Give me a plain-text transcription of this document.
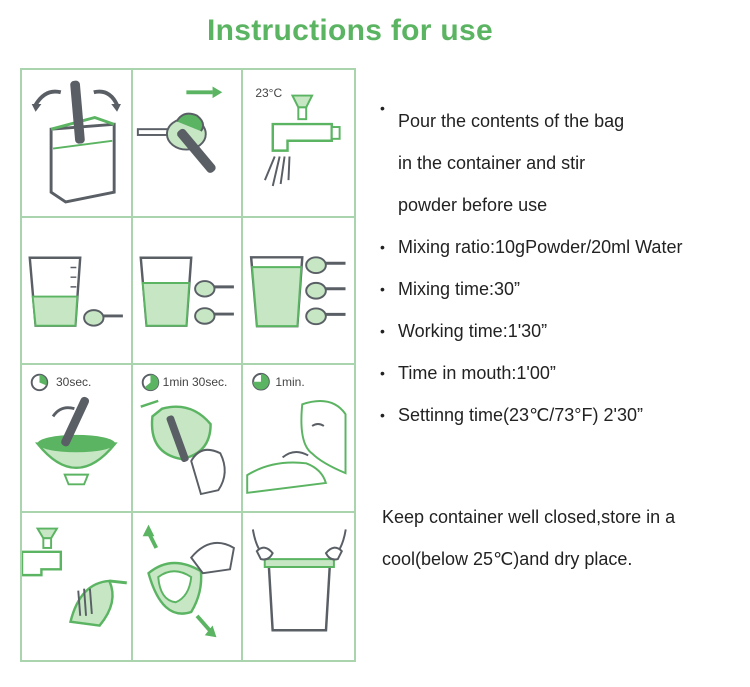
Instructions for use
23°C
30sec.	1min 30sec.	1min.
• Pour the contents of the bag
in the container and stir
powder before use
• Mixing ratio:10gPowder/20ml Water
• Mixing time:30”
• Working time:1'30”
• Time in mouth:1'00”
• Settinng time(23℃/73°F) 2'30”
Keep container well closed,store in a cool(below 25℃)and dry place.
